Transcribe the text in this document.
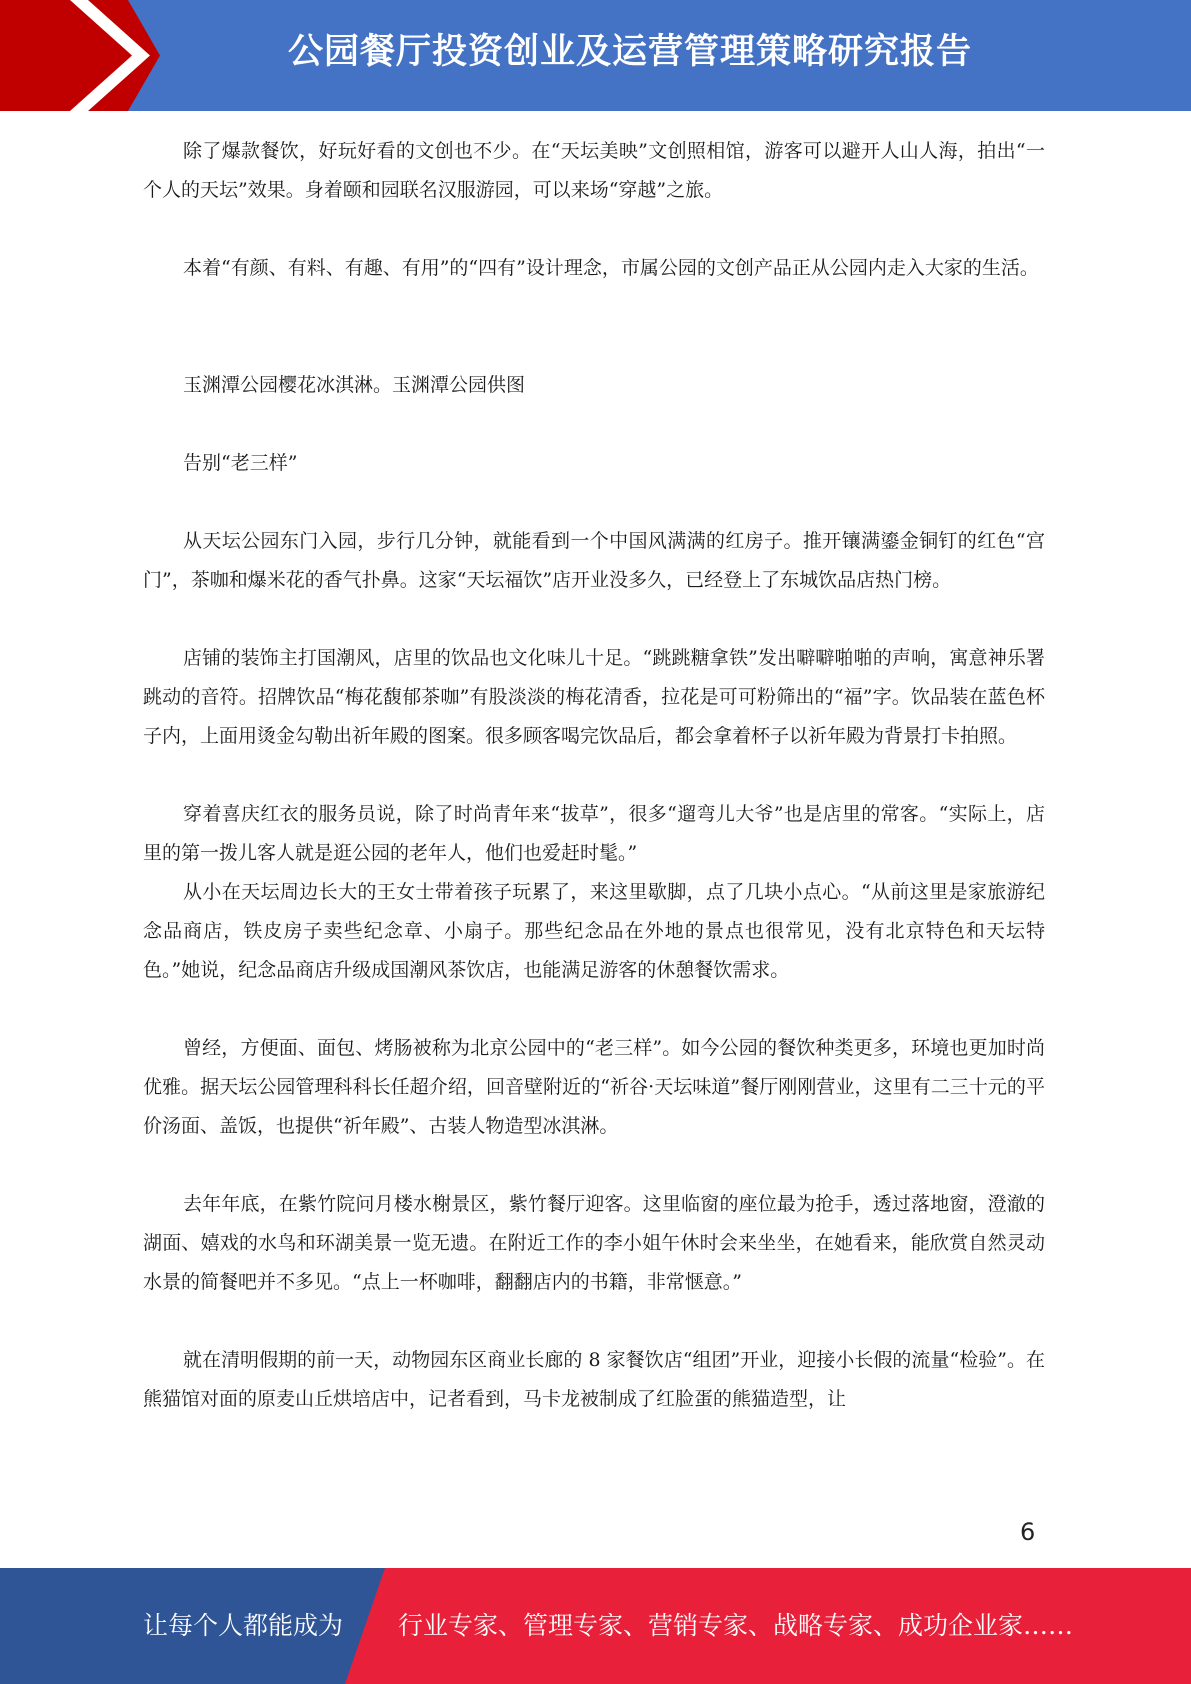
公园餐厅投资创业及运营管理策略研究报告

除了爆款餐饮，好玩好看的文创也不少。在“天坛美映”文创照相馆，游客可以避开人山人海，拍出“一个人的天坛”效果。身着颐和园联名汉服游园，可以来场“穿越”之旅。

本着“有颜、有料、有趣、有用”的“四有”设计理念，市属公园的文创产品正从公园内走入大家的生活。

玉渊潭公园樱花冰淇淋。玉渊潭公园供图

告别“老三样”

从天坛公园东门入园，步行几分钟，就能看到一个中国风满满的红房子。推开镶满鎏金铜钉的红色“宫门”，茶咖和爆米花的香气扑鼻。这家“天坛福饮”店开业没多久，已经登上了东城饮品店热门榜。

店铺的装饰主打国潮风，店里的饮品也文化味儿十足。“跳跳糖拿铁”发出噼噼啪啪的声响，寓意神乐署跳动的音符。招牌饮品“梅花馥郁茶咖”有股淡淡的梅花清香，拉花是可可粉筛出的“福”字。饮品装在蓝色杯子内，上面用烫金勾勒出祈年殿的图案。很多顾客喝完饮品后，都会拿着杯子以祈年殿为背景打卡拍照。

穿着喜庆红衣的服务员说，除了时尚青年来“拔草”，很多“遛弯儿大爷”也是店里的常客。“实际上，店里的第一拨儿客人就是逛公园的老年人，他们也爱赶时髦。”

从小在天坛周边长大的王女士带着孩子玩累了，来这里歇脚，点了几块小点心。“从前这里是家旅游纪念品商店，铁皮房子卖些纪念章、小扇子。那些纪念品在外地的景点也很常见，没有北京特色和天坛特色。”她说，纪念品商店升级成国潮风茶饮店，也能满足游客的休憩餐饮需求。

曾经，方便面、面包、烤肠被称为北京公园中的“老三样”。如今公园的餐饮种类更多，环境也更加时尚优雅。据天坛公园管理科科长任超介绍，回音壁附近的“祈谷·天坛味道”餐厅刚刚营业，这里有二三十元的平价汤面、盖饭，也提供“祈年殿”、古装人物造型冰淇淋。

去年年底，在紫竹院问月楼水榭景区，紫竹餐厅迎客。这里临窗的座位最为抢手，透过落地窗，澄澈的湖面、嬉戏的水鸟和环湖美景一览无遗。在附近工作的李小姐午休时会来坐坐，在她看来，能欣赏自然灵动水景的简餐吧并不多见。“点上一杯咖啡，翻翻店内的书籍，非常惬意。”

就在清明假期的前一天，动物园东区商业长廊的 8 家餐饮店“组团”开业，迎接小长假的流量“检验”。在熊猫馆对面的原麦山丘烘培店中，记者看到，马卡龙被制成了红脸蛋的熊猫造型，让

6
让每个人都能成为 行业专家、管理专家、营销专家、战略专家、成功企业家……
